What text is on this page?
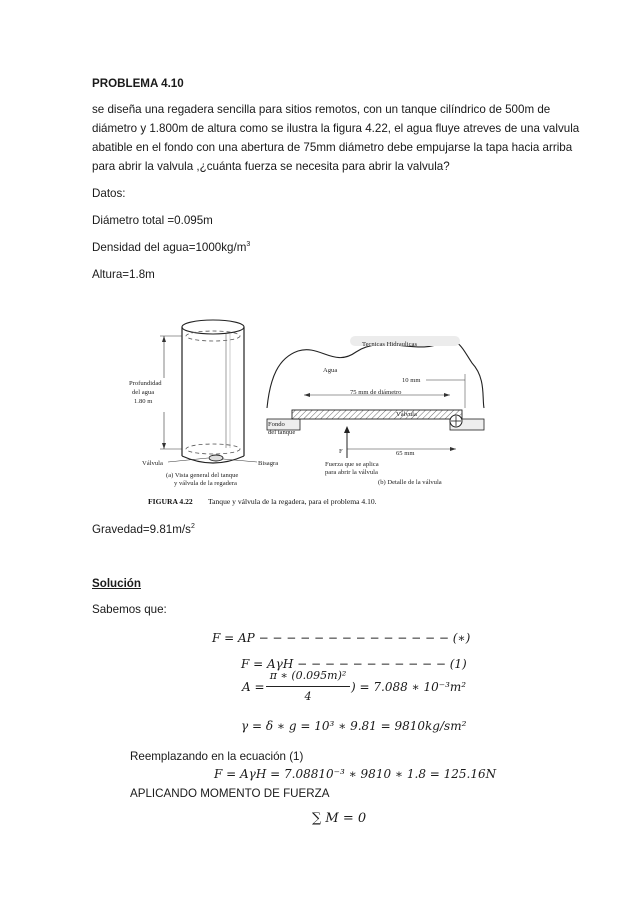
PROBLEMA 4.10
se diseña una regadera sencilla para sitios remotos, con un tanque cilíndrico de 500m de
diámetro y 1.800m de altura como se ilustra la figura 4.22, el agua fluye atreves de una valvula
abatible en el fondo con una abertura de 75mm diámetro debe empujarse la tapa hacia arriba
para abrir la valvula ,¿cuánta fuerza se necesita para abrir la valvula?
Datos:
Diámetro total =0.095m
Densidad del $agua=1000kg/m^3$
Altura=1.8m
Profundidad
del agua
1.80 m
Válvula	Bisagra
(a) Vista general del tanque
y válvula de la regadera
Tecnicas Hidraulicas
Agua
10 mm
75 mm de diámetro
Válvula
Fondo
del tanque
F	65 mm
Fuerza que se aplica
para abrir la válvula
(b) Detalle de la válvula
FIGURA 4.22 Tanque y válvula de la regadera, para el problema 4.10.
$Gravedad=9.81m/s^2$
Solución
Sabemos que:
F = AP − − − − − − − − − − − − − − (∗)
F = AγH − − − − − − − − − − − (1)
A =
π ∗ (0.095m)²
4
) = 7.088 ∗ 10⁻³m²
γ = δ ∗ g = 10³ ∗ 9.81 = 9810kg/sm²
Reemplazando en la ecuación (1)
F = AγH = 7.08810⁻³ ∗ 9810 ∗ 1.8 = 125.16N
APLICANDO MOMENTO DE FUERZA
∑ M = 0
